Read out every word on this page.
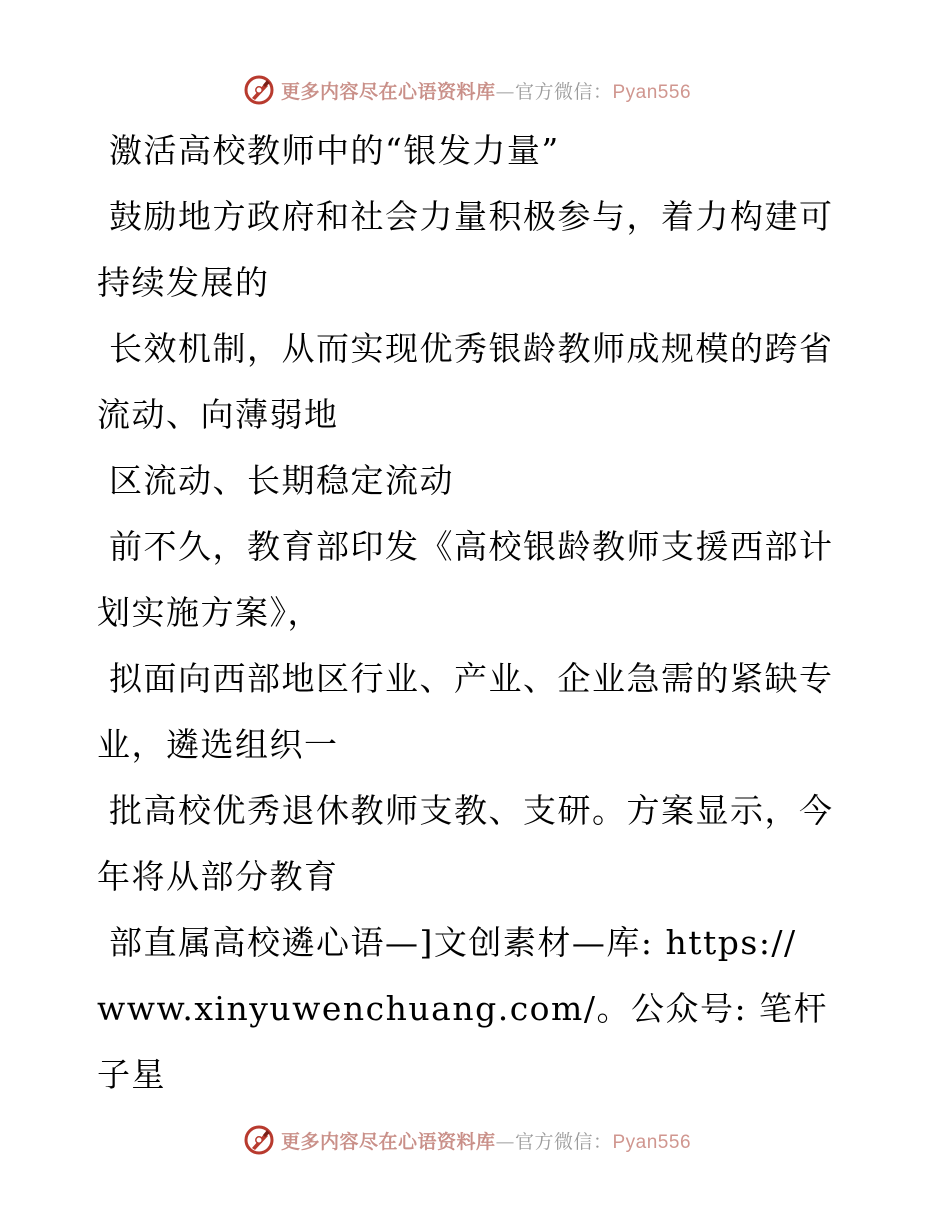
更多内容尽在心语资料库—官方微信：Pyan556

激活高校教师中的“银发力量”

鼓励地方政府和社会力量积极参与，着力构建可
持续发展的

长效机制，从而实现优秀银龄教师成规模的跨省
流动、向薄弱地

区流动、长期稳定流动

前不久，教育部印发《高校银龄教师支援西部计
划实施方案》，

拟面向西部地区行业、产业、企业急需的紧缺专
业，遴选组织一

批高校优秀退休教师支教、支研。方案显示，今
年将从部分教育

部直属高校遴心语—]文创素材—库: https://
www.xinyuwenchuang.com/。公众号: 笔杆子星

更多内容尽在心语资料库—官方微信：Pyan556
